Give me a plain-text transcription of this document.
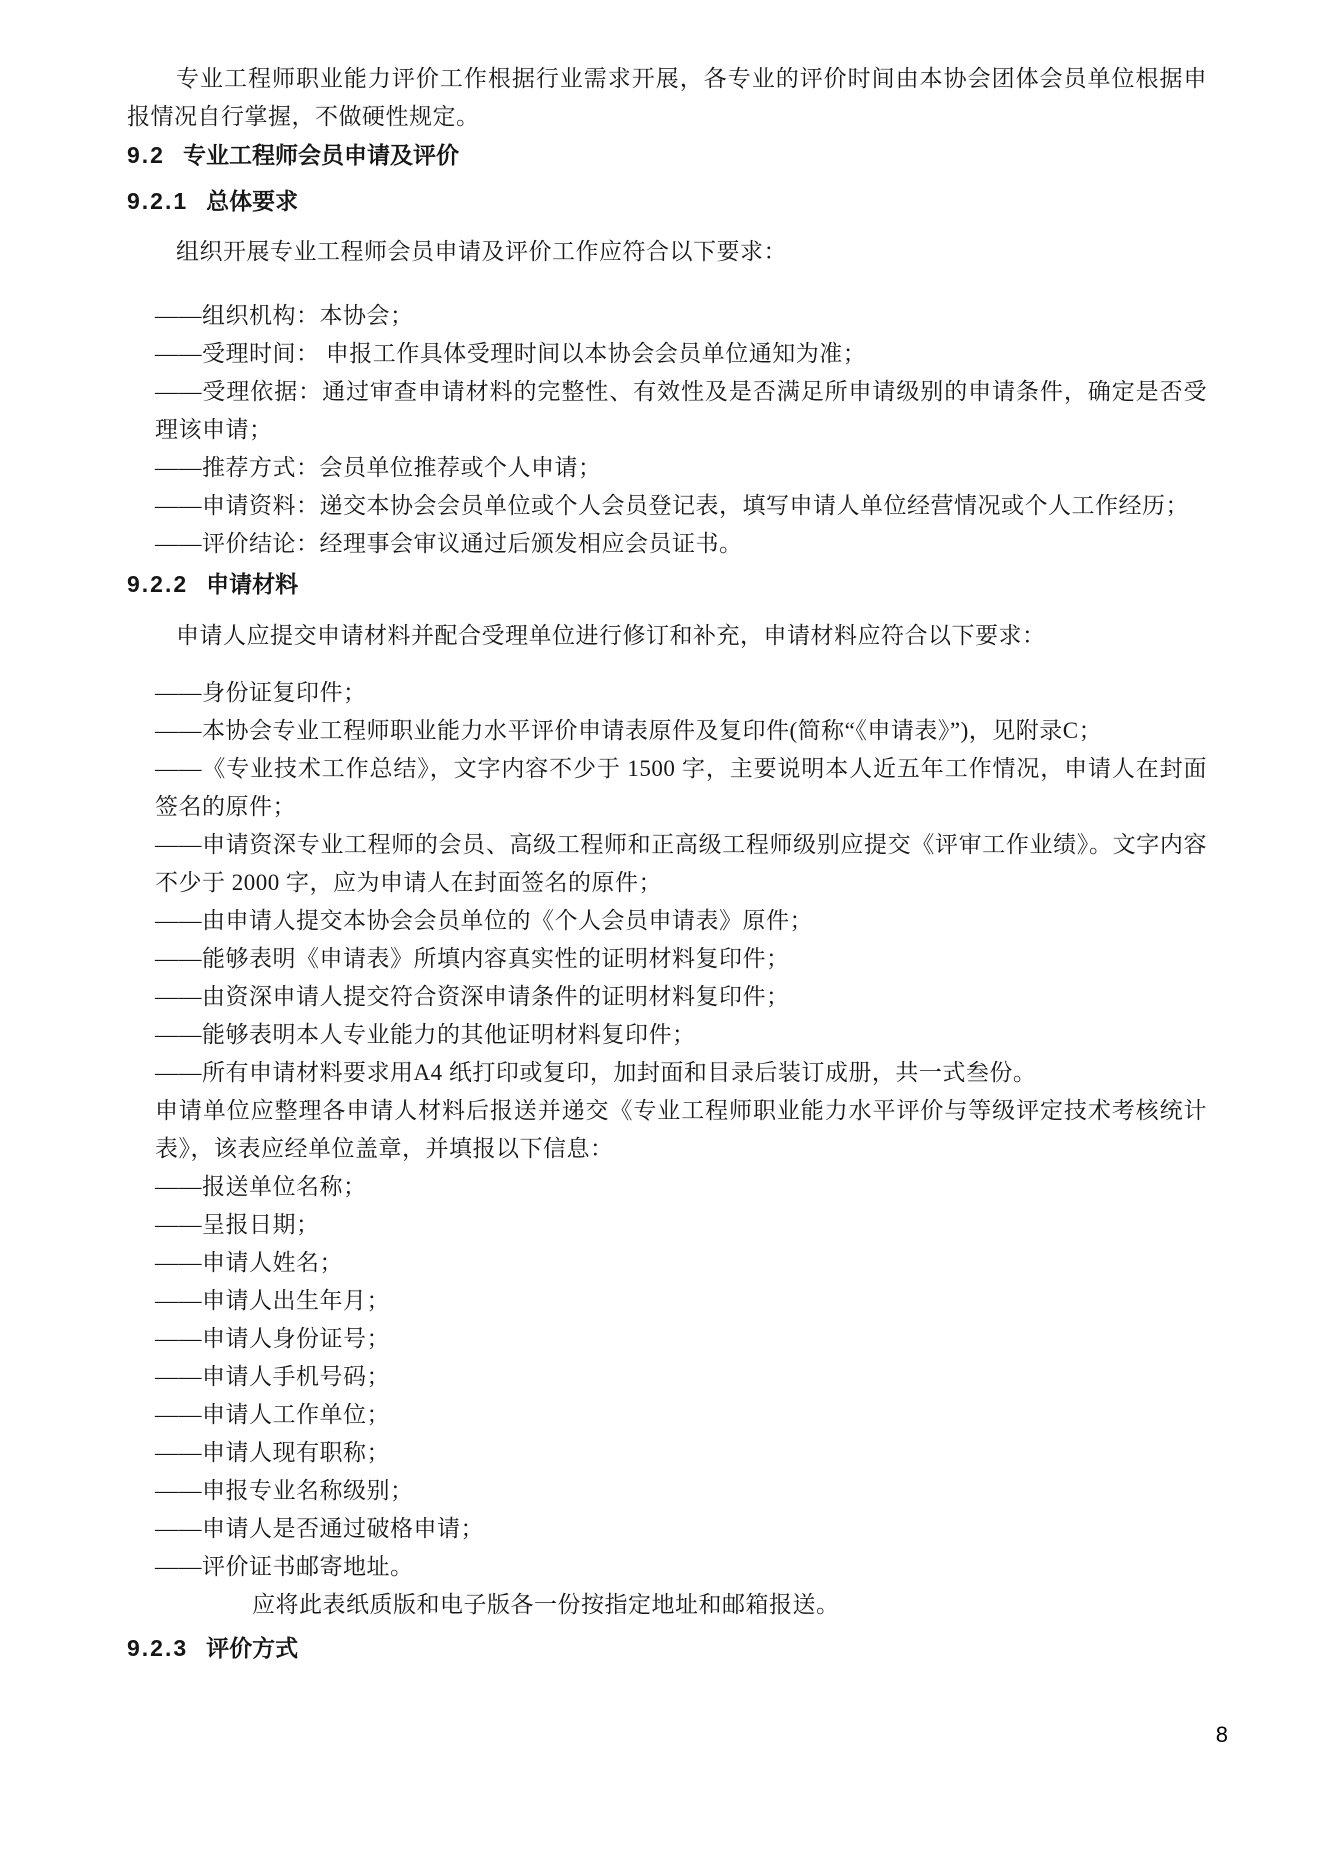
专业工程师职业能力评价工作根据行业需求开展，各专业的评价时间由本协会团体会员单位根据申报情况自行掌握，不做硬性规定。

9.2 专业工程师会员申请及评价
9.2.1 总体要求

组织开展专业工程师会员申请及评价工作应符合以下要求：

——组织机构：本协会；

——受理时间： 申报工作具体受理时间以本协会会员单位通知为准；

——受理依据：通过审查申请材料的完整性、有效性及是否满足所申请级别的申请条件，确定是否受理该申请；

——推荐方式：会员单位推荐或个人申请；

——申请资料：递交本协会会员单位或个人会员登记表，填写申请人单位经营情况或个人工作经历；

——评价结论：经理事会审议通过后颁发相应会员证书。

9.2.2 申请材料

申请人应提交申请材料并配合受理单位进行修订和补充，申请材料应符合以下要求：

——身份证复印件；

——本协会专业工程师职业能力水平评价申请表原件及复印件(简称“《申请表》”)，见附录C；

——《专业技术工作总结》，文字内容不少于 1500 字，主要说明本人近五年工作情况，申请人在封面签名的原件；

——申请资深专业工程师的会员、高级工程师和正高级工程师级别应提交《评审工作业绩》。文字内容不少于 2000 字，应为申请人在封面签名的原件；

——由申请人提交本协会会员单位的《个人会员申请表》原件；

——能够表明《申请表》所填内容真实性的证明材料复印件；

——由资深申请人提交符合资深申请条件的证明材料复印件；

——能够表明本人专业能力的其他证明材料复印件；

——所有申请材料要求用A4 纸打印或复印，加封面和目录后装订成册，共一式叁份。

申请单位应整理各申请人材料后报送并递交《专业工程师职业能力水平评价与等级评定技术考核统计表》，该表应经单位盖章，并填报以下信息：

——报送单位名称；

——呈报日期；

——申请人姓名；

——申请人出生年月；

——申请人身份证号；

——申请人手机号码；

——申请人工作单位；

——申请人现有职称；

——申报专业名称级别；

——申请人是否通过破格申请；

——评价证书邮寄地址。

应将此表纸质版和电子版各一份按指定地址和邮箱报送。

9.2.3 评价方式
8
